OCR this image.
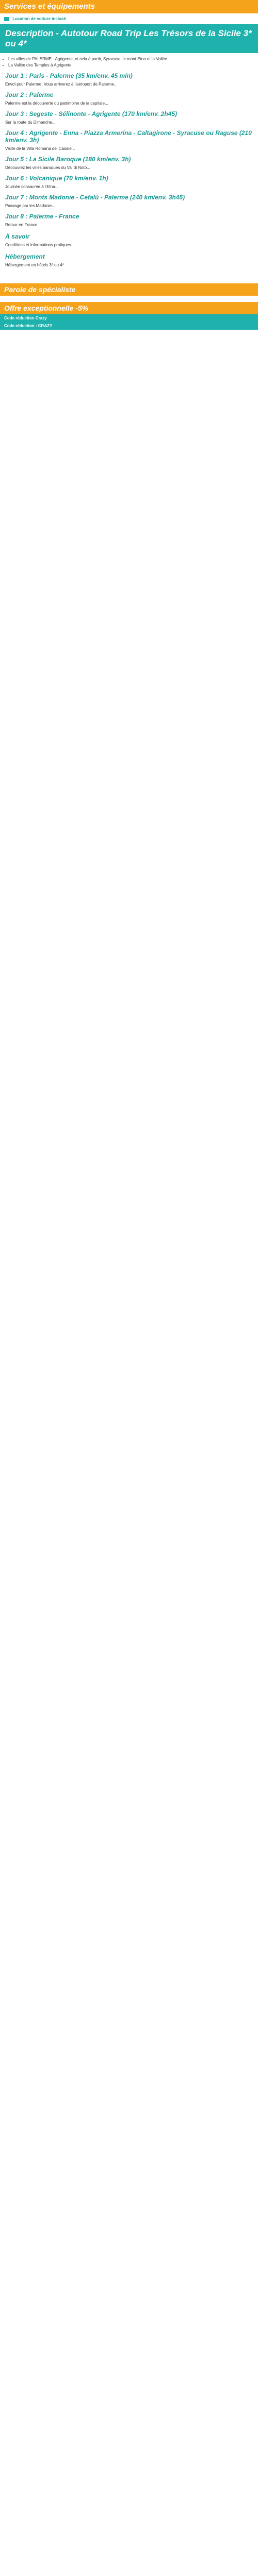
Services et équipements
Location de voiture inclusé
Description - Autotour Road Trip Les Trésors de la Sicile 3* ou 4*
• Les villes de PALERME - Agrigente, et cela à partir, Syracuse, le mont Etna et la Vallée
• La Vallée des Temples à Agrigente
Jour 1 : Paris - Palerme (35 km/env. 45 min)

Envol pour Palerme. Vous arriverez à l'aéroport de Palerme...

Jour 2 : Palerme

Palerme est la découverte du patrimoine de la capitale...

Jour 3 : Segeste - Sélinonte - Agrigente (170 km/env. 2h45)

Sur la route du Dimanche...

Jour 4 : Agrigente - Enna - Piazza Armerina - Caltagirone - Syracuse ou Raguse (210 km/env. 3h)

Visite de la Villa Romana del Casale...

Jour 5 : La Sicile Baroque (180 km/env. 3h)

Découvrez les villes baroques du Val di Noto...

Jour 6 : Volcanique (70 km/env. 1h)

Journée consacrée à l'Etna...

Jour 7 : Monts Madonie - Cefalù - Palerme (240 km/env. 3h45)

Passage par les Madonie...

Jour 8 : Palerme - France

Retour en France.

À savoir

Conditions et informations pratiques.

Hébergement

Hébergement en hôtels 3* ou 4*.

Parole de spécialiste
Offre exceptionnelle -5%
Code réduction Crazy
Code réduction : CRAZY
